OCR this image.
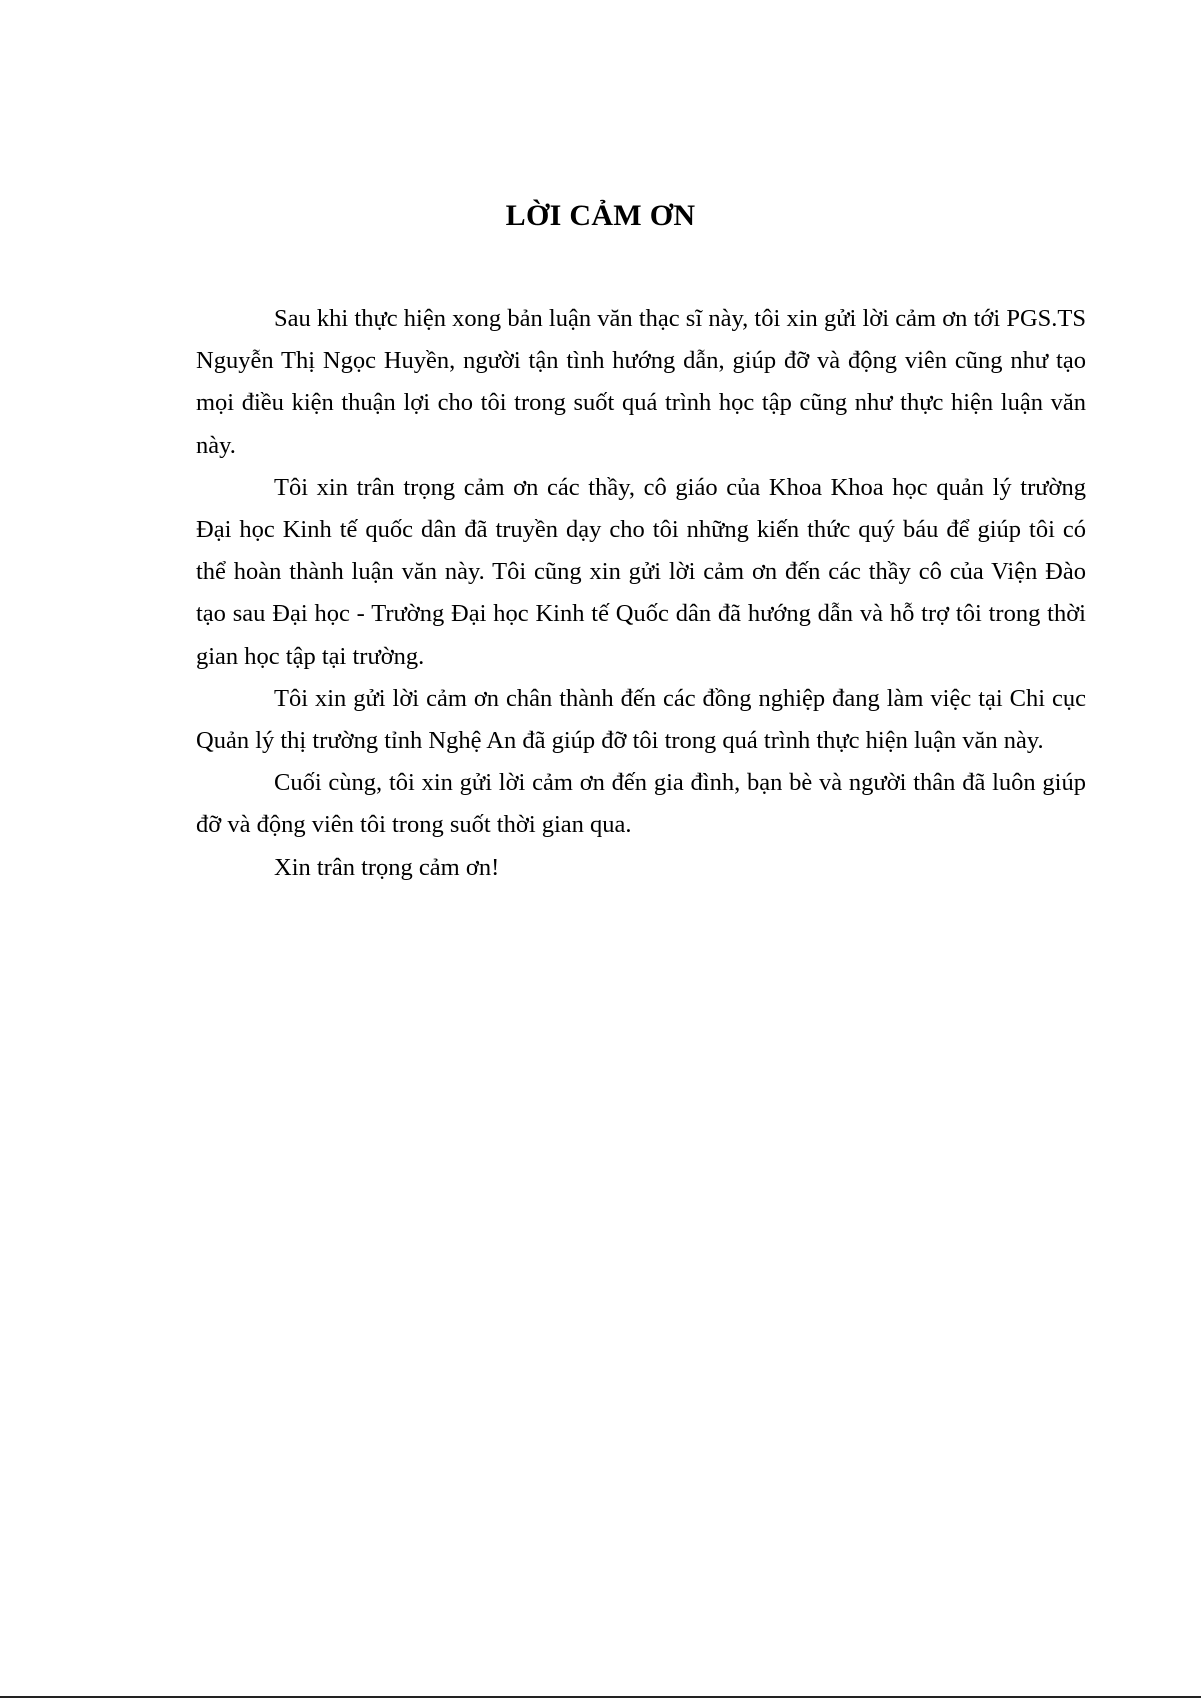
LỜI CẢM ƠN

Sau khi thực hiện xong bản luận văn thạc sĩ này, tôi xin gửi lời cảm ơn tới PGS.TS Nguyễn Thị Ngọc Huyền, người tận tình hướng dẫn, giúp đỡ và động viên cũng như tạo mọi điều kiện thuận lợi cho tôi trong suốt quá trình học tập cũng như thực hiện luận văn này.

Tôi xin trân trọng cảm ơn các thầy, cô giáo của Khoa Khoa học quản lý trường Đại học Kinh tế quốc dân đã truyền dạy cho tôi những kiến thức quý báu để giúp tôi có thể hoàn thành luận văn này. Tôi cũng xin gửi lời cảm ơn đến các thầy cô của Viện Đào tạo sau Đại học - Trường Đại học Kinh tế Quốc dân đã hướng dẫn và hỗ trợ tôi trong thời gian học tập tại trường.

Tôi xin gửi lời cảm ơn chân thành đến các đồng nghiệp đang làm việc tại Chi cục Quản lý thị trường tỉnh Nghệ An đã giúp đỡ tôi trong quá trình thực hiện luận văn này.

Cuối cùng, tôi xin gửi lời cảm ơn đến gia đình, bạn bè và người thân đã luôn giúp đỡ và động viên tôi trong suốt thời gian qua.

Xin trân trọng cảm ơn!
